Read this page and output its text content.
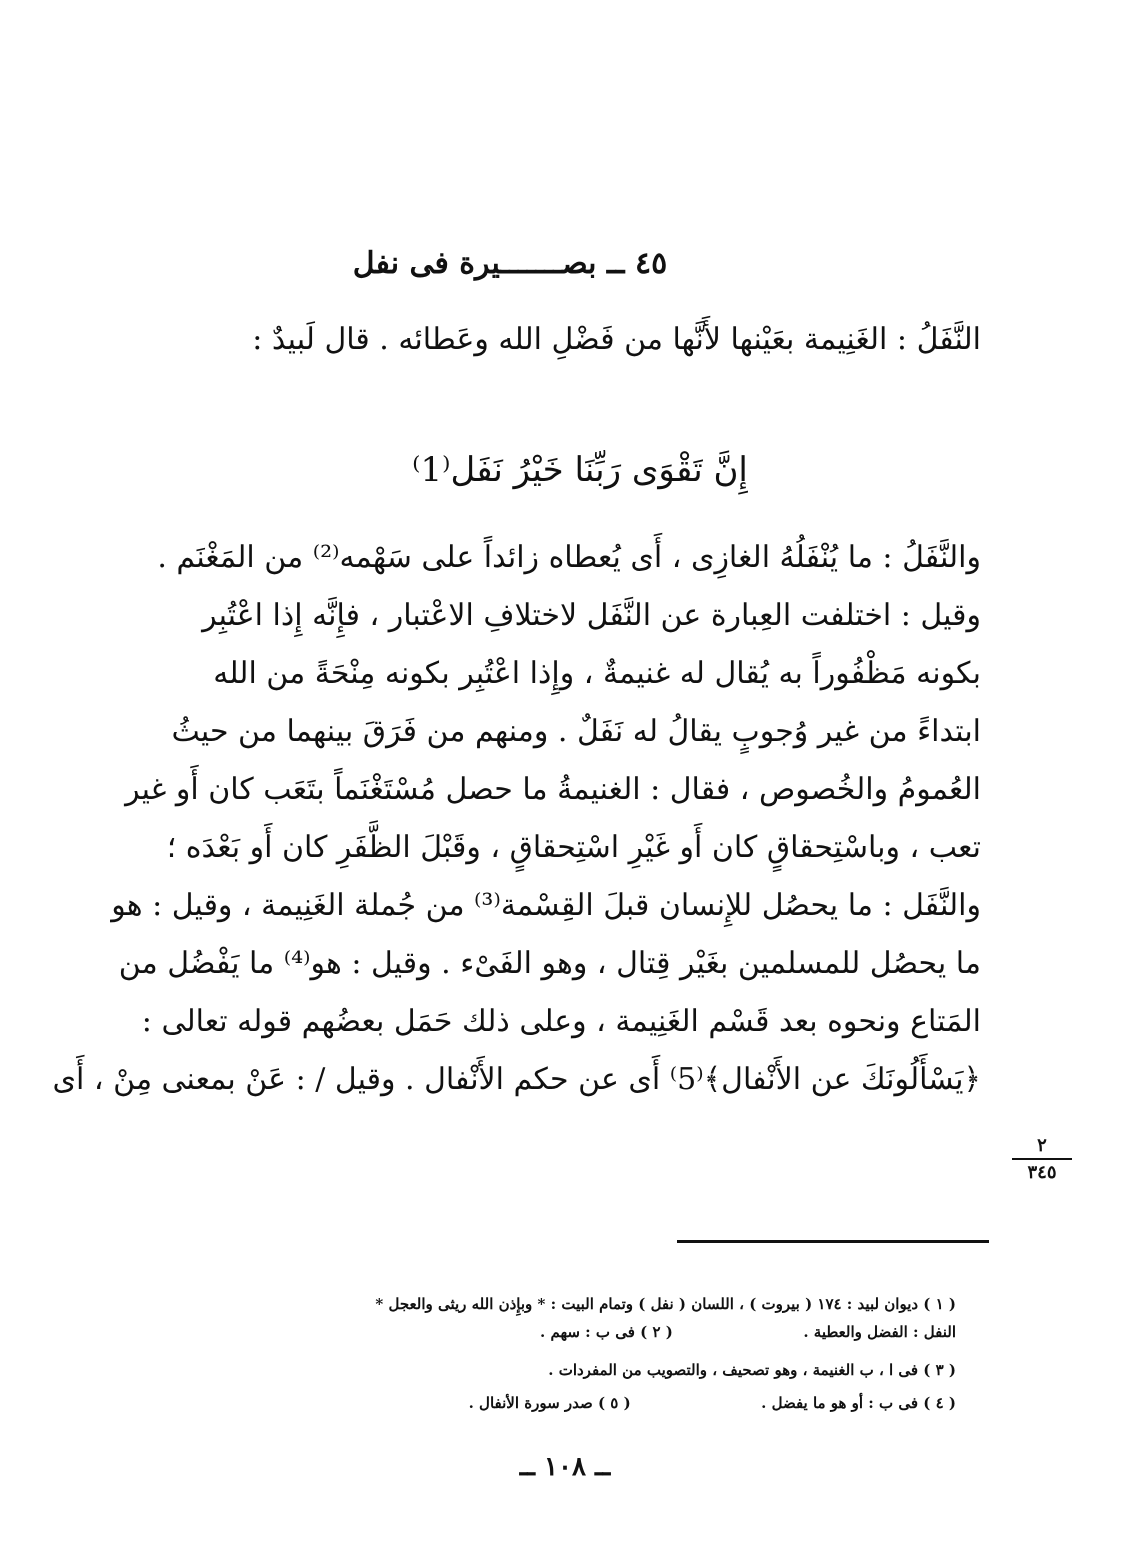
٤٥ ــ بصـــــــيرة فى نفل
النَّفَلُ : الغَنِيمة بعَيْنها لأَنَّها من فَضْلِ الله وعَطائه . قال لَبيدٌ :
إِنَّ تَقْوَى رَبِّنَا خَيْرُ نَفَل⁽1⁾
والنَّفَلُ : ما يُنْفَلُهُ الغازِى ، أَى يُعطاه زائداً على سَهْمه⁽²⁾ من المَغْنَم .
وقيل : اختلفت العِبارة عن النَّفَل لاختلافِ الاعْتبار ، فإِنَّه إِذا اعْتُبِر
بكونه مَظْفُوراً به يُقال له غنيمةٌ ، وإِذا اعْتُبِر بكونه مِنْحَةً من الله
ابتداءً من غير وُجوبٍ يقالُ له نَفَلٌ . ومنهم من فَرَقَ بينهما من حيثُ
العُمومُ والخُصوص ، فقال : الغنيمةُ ما حصل مُسْتَغْنَماً بتَعَب كان أَو غير
تعب ، وباسْتِحقاقٍ كان أَو غَيْرِ اسْتِحقاقٍ ، وقَبْلَ الظَّفَرِ كان أَو بَعْدَه ؛
والنَّفَل : ما يحصُل للإِنسان قبلَ القِسْمة⁽³⁾ من جُملة الغَنِيمة ، وقيل : هو
ما يحصُل للمسلمين بغَيْر قِتال ، وهو الفَىْء . وقيل : هو⁽⁴⁾ ما يَفْضُل من
المَتاع ونحوه بعد قَسْم الغَنِيمة ، وعلى ذلك حَمَل بعضُهم قوله تعالى :
﴿يَسْأَلُونَكَ عن الأَنْفال﴾⁽5⁾ أَى عن حكم الأَنْفال . وقيل / : عَنْ بمعنى مِنْ ، أَى
٢
٣٤٥
( ١ ) ديوان لبيد : ١٧٤ ( بيروت ) ، اللسان ( نفل ) وتمام البيت : * وبإِذن الله ريثى والعجل *
النفل : الفضل والعطية .  ( ٢ ) فى ب : سهم .
( ٣ ) فى ا ، ب الغنيمة ، وهو تصحيف ، والتصويب من المفردات .
( ٤ ) فى ب : أو هو ما يفضل .  ( ٥ ) صدر سورة الأنفال .
ــ ١٠٨ ــ
